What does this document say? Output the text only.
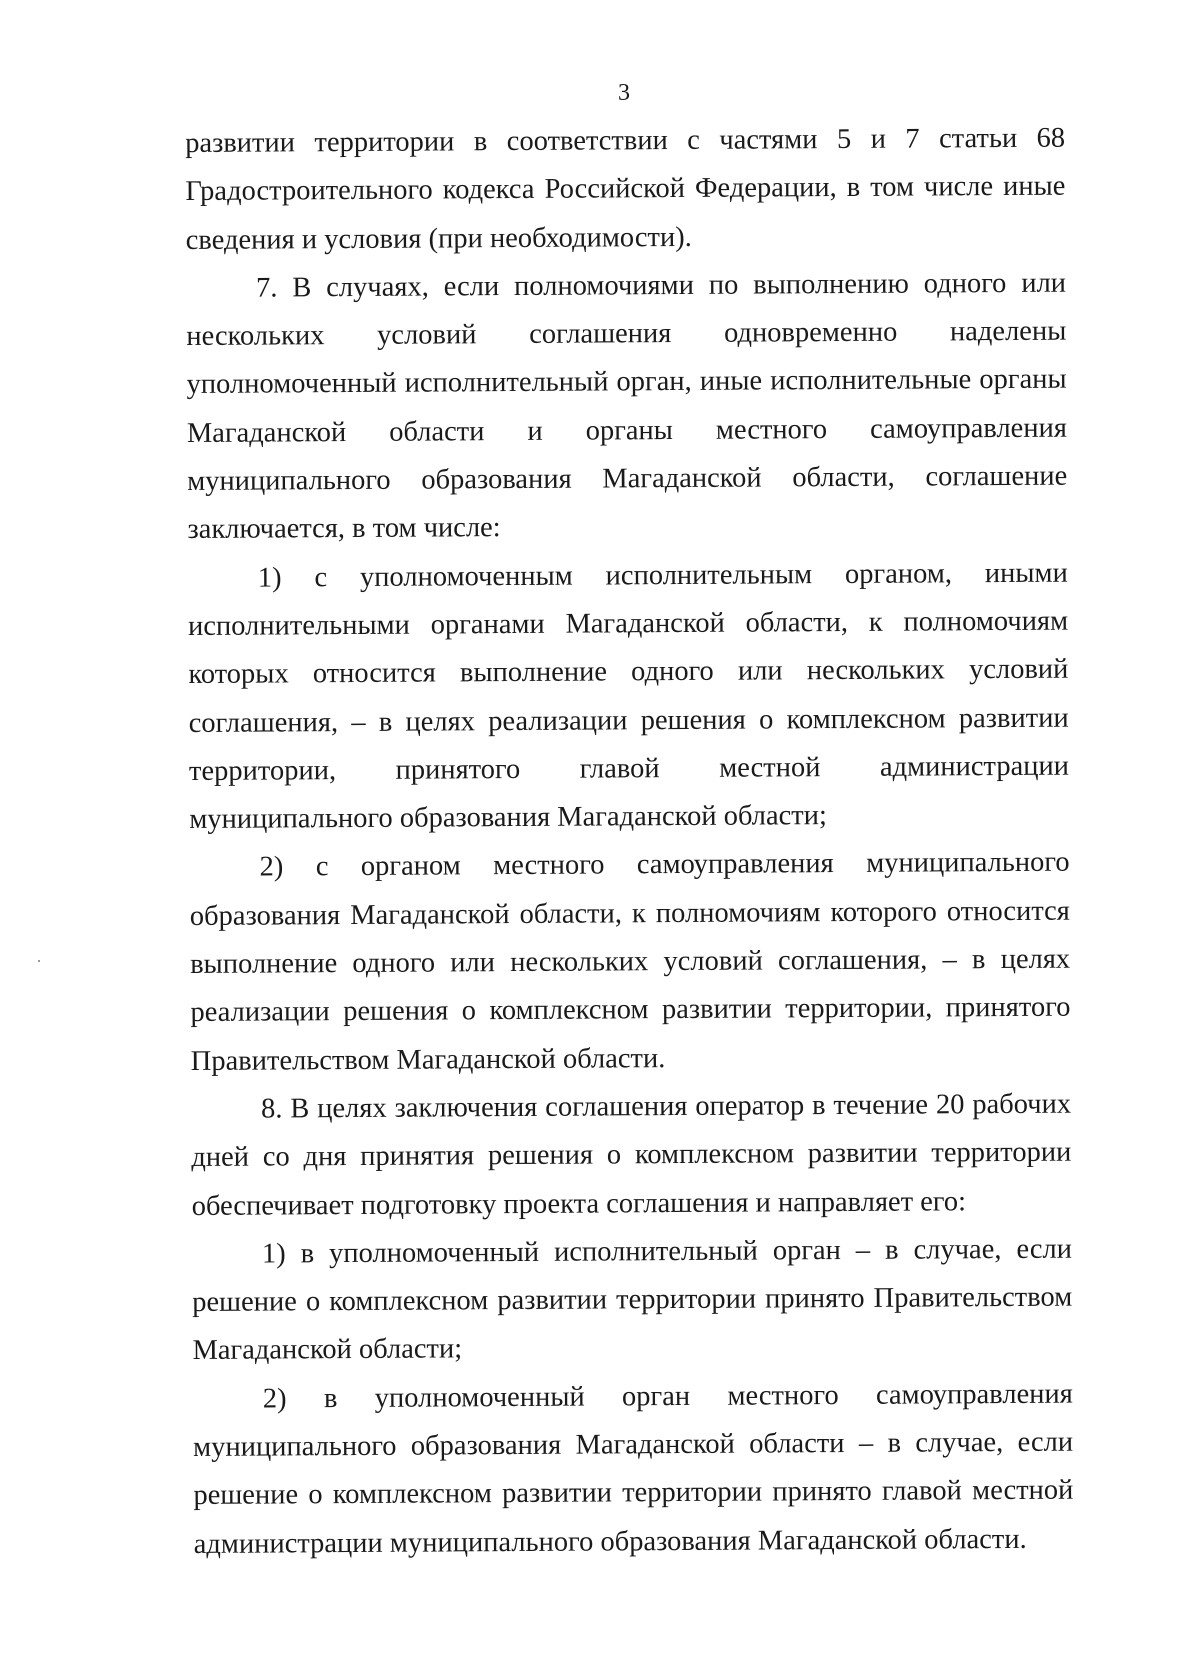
3

развитии территории в соответствии с частями 5 и 7 статьи 68 Градостроительного кодекса Российской Федерации, в том числе иные сведения и условия (при необходимости).

7. В случаях, если полномочиями по выполнению одного или нескольких условий соглашения одновременно наделены уполномоченный исполнительный орган, иные исполнительные органы Магаданской области и органы местного самоуправления муниципального образования Магаданской области, соглашение заключается, в том числе:

1) с уполномоченным исполнительным органом, иными исполнительными органами Магаданской области, к полномочиям которых относится выполнение одного или нескольких условий соглашения, – в целях реализации решения о комплексном развитии территории, принятого главой местной администрации муниципального образования Магаданской области;

2) с органом местного самоуправления муниципального образования Магаданской области, к полномочиям которого относится выполнение одного или нескольких условий соглашения, – в целях реализации решения о комплексном развитии территории, принятого Правительством Магаданской области.

8. В целях заключения соглашения оператор в течение 20 рабочих дней со дня принятия решения о комплексном развитии территории обеспечивает подготовку проекта соглашения и направляет его:

1) в уполномоченный исполнительный орган – в случае, если решение о комплексном развитии территории принято Правительством Магаданской области;

2) в уполномоченный орган местного самоуправления муниципального образования Магаданской области – в случае, если решение о комплексном развитии территории принято главой местной администрации муниципального образования Магаданской области.
